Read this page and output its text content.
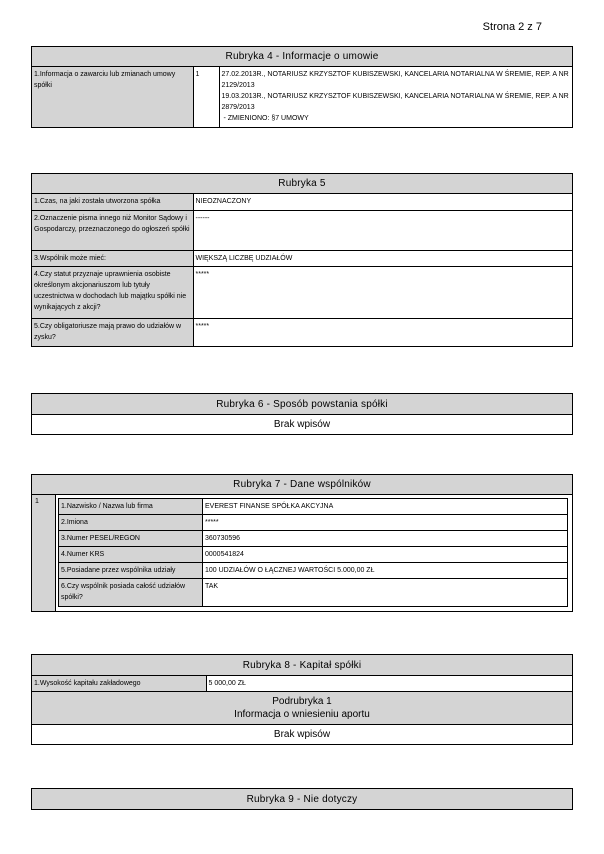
Strona 2 z 7
Rubryka 4 - Informacje o umowie
1.Informacja o zawarciu lub zmianach umowy spółki	1	27.02.2013R., NOTARIUSZ KRZYSZTOF KUBISZEWSKI, KANCELARIA NOTARIALNA W ŚREMIE, REP. A NR 2129/2013
19.03.2013R., NOTARIUSZ KRZYSZTOF KUBISZEWSKI, KANCELARIA NOTARIALNA W ŚREMIE, REP. A NR 2879/2013
- ZMIENIONO: §7 UMOWY
Rubryka 5
1.Czas, na jaki została utworzona spółka	NIEOZNACZONY
2.Oznaczenie pisma innego niż Monitor Sądowy i Gospodarczy, przeznaczonego do ogłoszeń spółki	------
3.Wspólnik może mieć:	WIĘKSZĄ LICZBĘ UDZIAŁÓW
4.Czy statut przyznaje uprawnienia osobiste określonym akcjonariuszom lub tytuły uczestnictwa w dochodach lub majątku spółki nie wynikających z akcji?	*****
5.Czy obligatoriusze mają prawo do udziałów w zysku?	*****
Rubryka 6 - Sposób powstania spółki
Brak wpisów
Rubryka 7 - Dane wspólników
1
1.Nazwisko / Nazwa lub firma	EVEREST FINANSE SPÓŁKA AKCYJNA
2.Imiona	*****
3.Numer PESEL/REGON	360730596
4.Numer KRS	0000541824
5.Posiadane przez wspólnika udziały	100 UDZIAŁÓW O ŁĄCZNEJ WARTOŚCI 5.000,00 ZŁ
6.Czy wspólnik posiada całość udziałów spółki?	TAK
Rubryka 8 - Kapitał spółki
1.Wysokość kapitału zakładowego	5 000,00 ZŁ
Podrubryka 1
Informacja o wniesieniu aportu
Brak wpisów
Rubryka 9 - Nie dotyczy
